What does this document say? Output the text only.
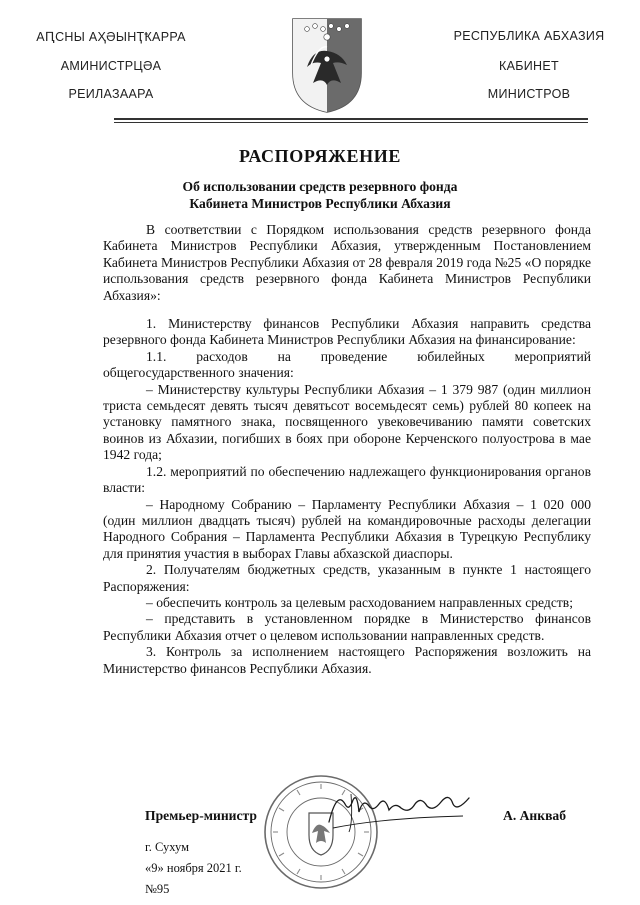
АԤСНЫ АҲӘЫНҬҞАРРА
АМИНИСТРЦӘА
РЕИЛАЗААРА
РЕСПУБЛИКА АБХАЗИЯ
КАБИНЕТ
МИНИСТРОВ
РАСПОРЯЖЕНИЕ
Об использовании средств резервного фонда
Кабинета Министров Республики Абхазия

В соответствии с Порядком использования средств резервного фонда Кабинета Министров Республики Абхазия, утвержденным Постановлением Кабинета Министров Республики Абхазия от 28 февраля 2019 года №25 «О порядке использования средств резервного фонда Кабинета Министров Республики Абхазия»:

1. Министерству финансов Республики Абхазия направить средства резервного фонда Кабинета Министров Республики Абхазия на финансирование:

1.1. расходов на проведение юбилейных мероприятий общегосударственного значения:

– Министерству культуры Республики Абхазия – 1 379 987 (один миллион триста семьдесят девять тысяч девятьсот восемьдесят семь) рублей 80 копеек на установку памятного знака, посвященного увековечиванию памяти советских воинов из Абхазии, погибших в боях при обороне Керченского полуострова в мае 1942 года;

1.2. мероприятий по обеспечению надлежащего функционирования органов власти:

– Народному Собранию – Парламенту Республики Абхазия – 1 020 000 (один миллион двадцать тысяч) рублей на командировочные расходы делегации Народного Собрания – Парламента Республики Абхазия в Турецкую Республику для принятия участия в выборах Главы абхазской диаспоры.

2. Получателям бюджетных средств, указанным в пункте 1 настоящего Распоряжения:

– обеспечить контроль за целевым расходованием направленных средств;

– представить в установленном порядке в Министерство финансов Республики Абхазия отчет о целевом использовании направленных средств.

3. Контроль за исполнением настоящего Распоряжения возложить на Министерство финансов Республики Абхазия.

Премьер-министр	А. Анкваб
г. Сухум
«9» ноября 2021 г.
№95
